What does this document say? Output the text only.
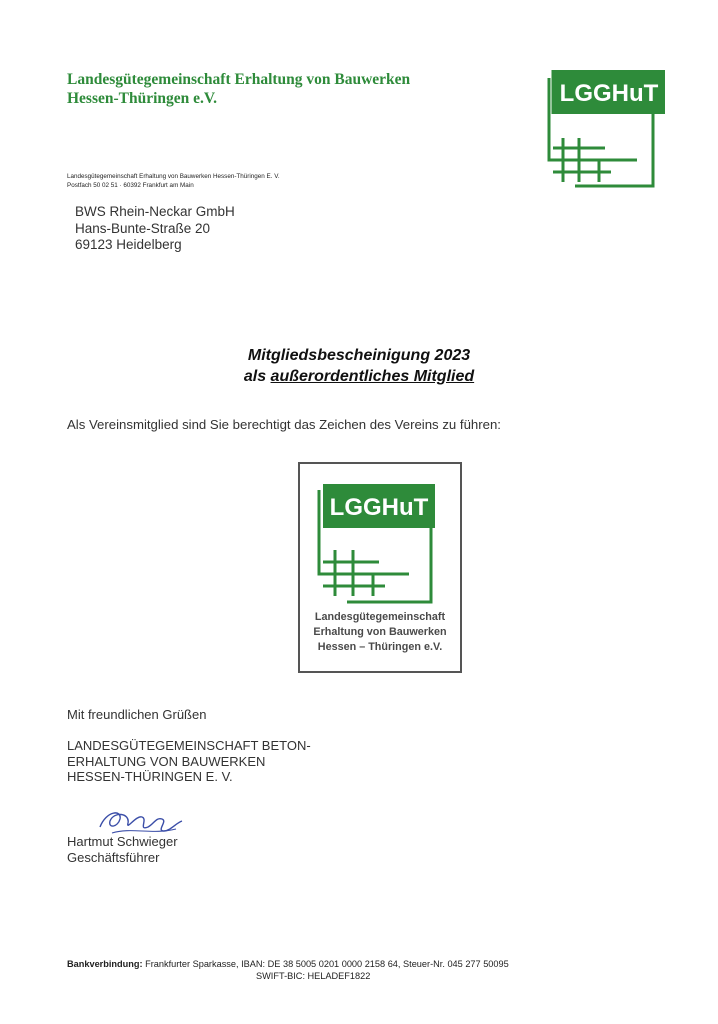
Landesgütegemeinschaft Erhaltung von Bauwerken
Hessen-Thüringen e.V.	LGGHuT
Landesgütegemeinschaft Erhaltung von Bauwerken Hessen-Thüringen E. V.
Postfach 50 02 51 · 60392 Frankfurt am Main
BWS Rhein-Neckar GmbH
Hans-Bunte-Straße 20
69123 Heidelberg
Mitgliedsbescheinigung 2023
als außerordentliches Mitglied
Als Vereinsmitglied sind Sie berechtigt das Zeichen des Vereins zu führen:
LGGHuT
Landesgütegemeinschaft
Erhaltung von Bauwerken
Hessen – Thüringen e.V.
Mit freundlichen Grüßen
LANDESGÜTEGEMEINSCHAFT BETON-
ERHALTUNG VON BAUWERKEN
HESSEN-THÜRINGEN E. V.
Hartmut Schwieger
Geschäftsführer
Bankverbindung: Frankfurter Sparkasse, IBAN: DE 38 5005 0201 0000 2158 64, Steuer-Nr. 045 277 50095
SWIFT-BIC: HELADEF1822
